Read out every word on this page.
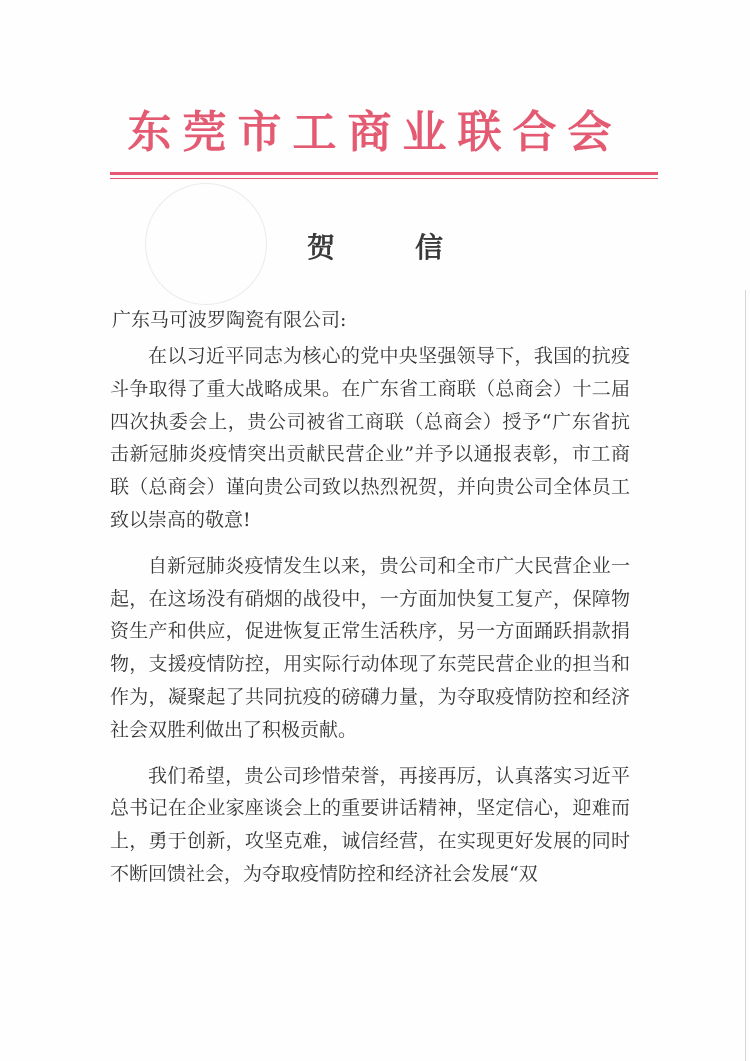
东莞市工商业联合会
贺	信
广东马可波罗陶瓷有限公司:

在以习近平同志为核心的党中央坚强领导下，我国的抗疫斗争取得了重大战略成果。在广东省工商联（总商会）十二届四次执委会上，贵公司被省工商联（总商会）授予“广东省抗击新冠肺炎疫情突出贡献民营企业”并予以通报表彰，市工商联（总商会）谨向贵公司致以热烈祝贺，并向贵公司全体员工致以崇高的敬意!

自新冠肺炎疫情发生以来，贵公司和全市广大民营企业一起，在这场没有硝烟的战役中，一方面加快复工复产，保障物资生产和供应，促进恢复正常生活秩序，另一方面踊跃捐款捐物，支援疫情防控，用实际行动体现了东莞民营企业的担当和作为，凝聚起了共同抗疫的磅礴力量，为夺取疫情防控和经济社会双胜利做出了积极贡献。

我们希望，贵公司珍惜荣誉，再接再厉，认真落实习近平总书记在企业家座谈会上的重要讲话精神，坚定信心，迎难而上，勇于创新，攻坚克难，诚信经营，在实现更好发展的同时不断回馈社会，为夺取疫情防控和经济社会发展“双
